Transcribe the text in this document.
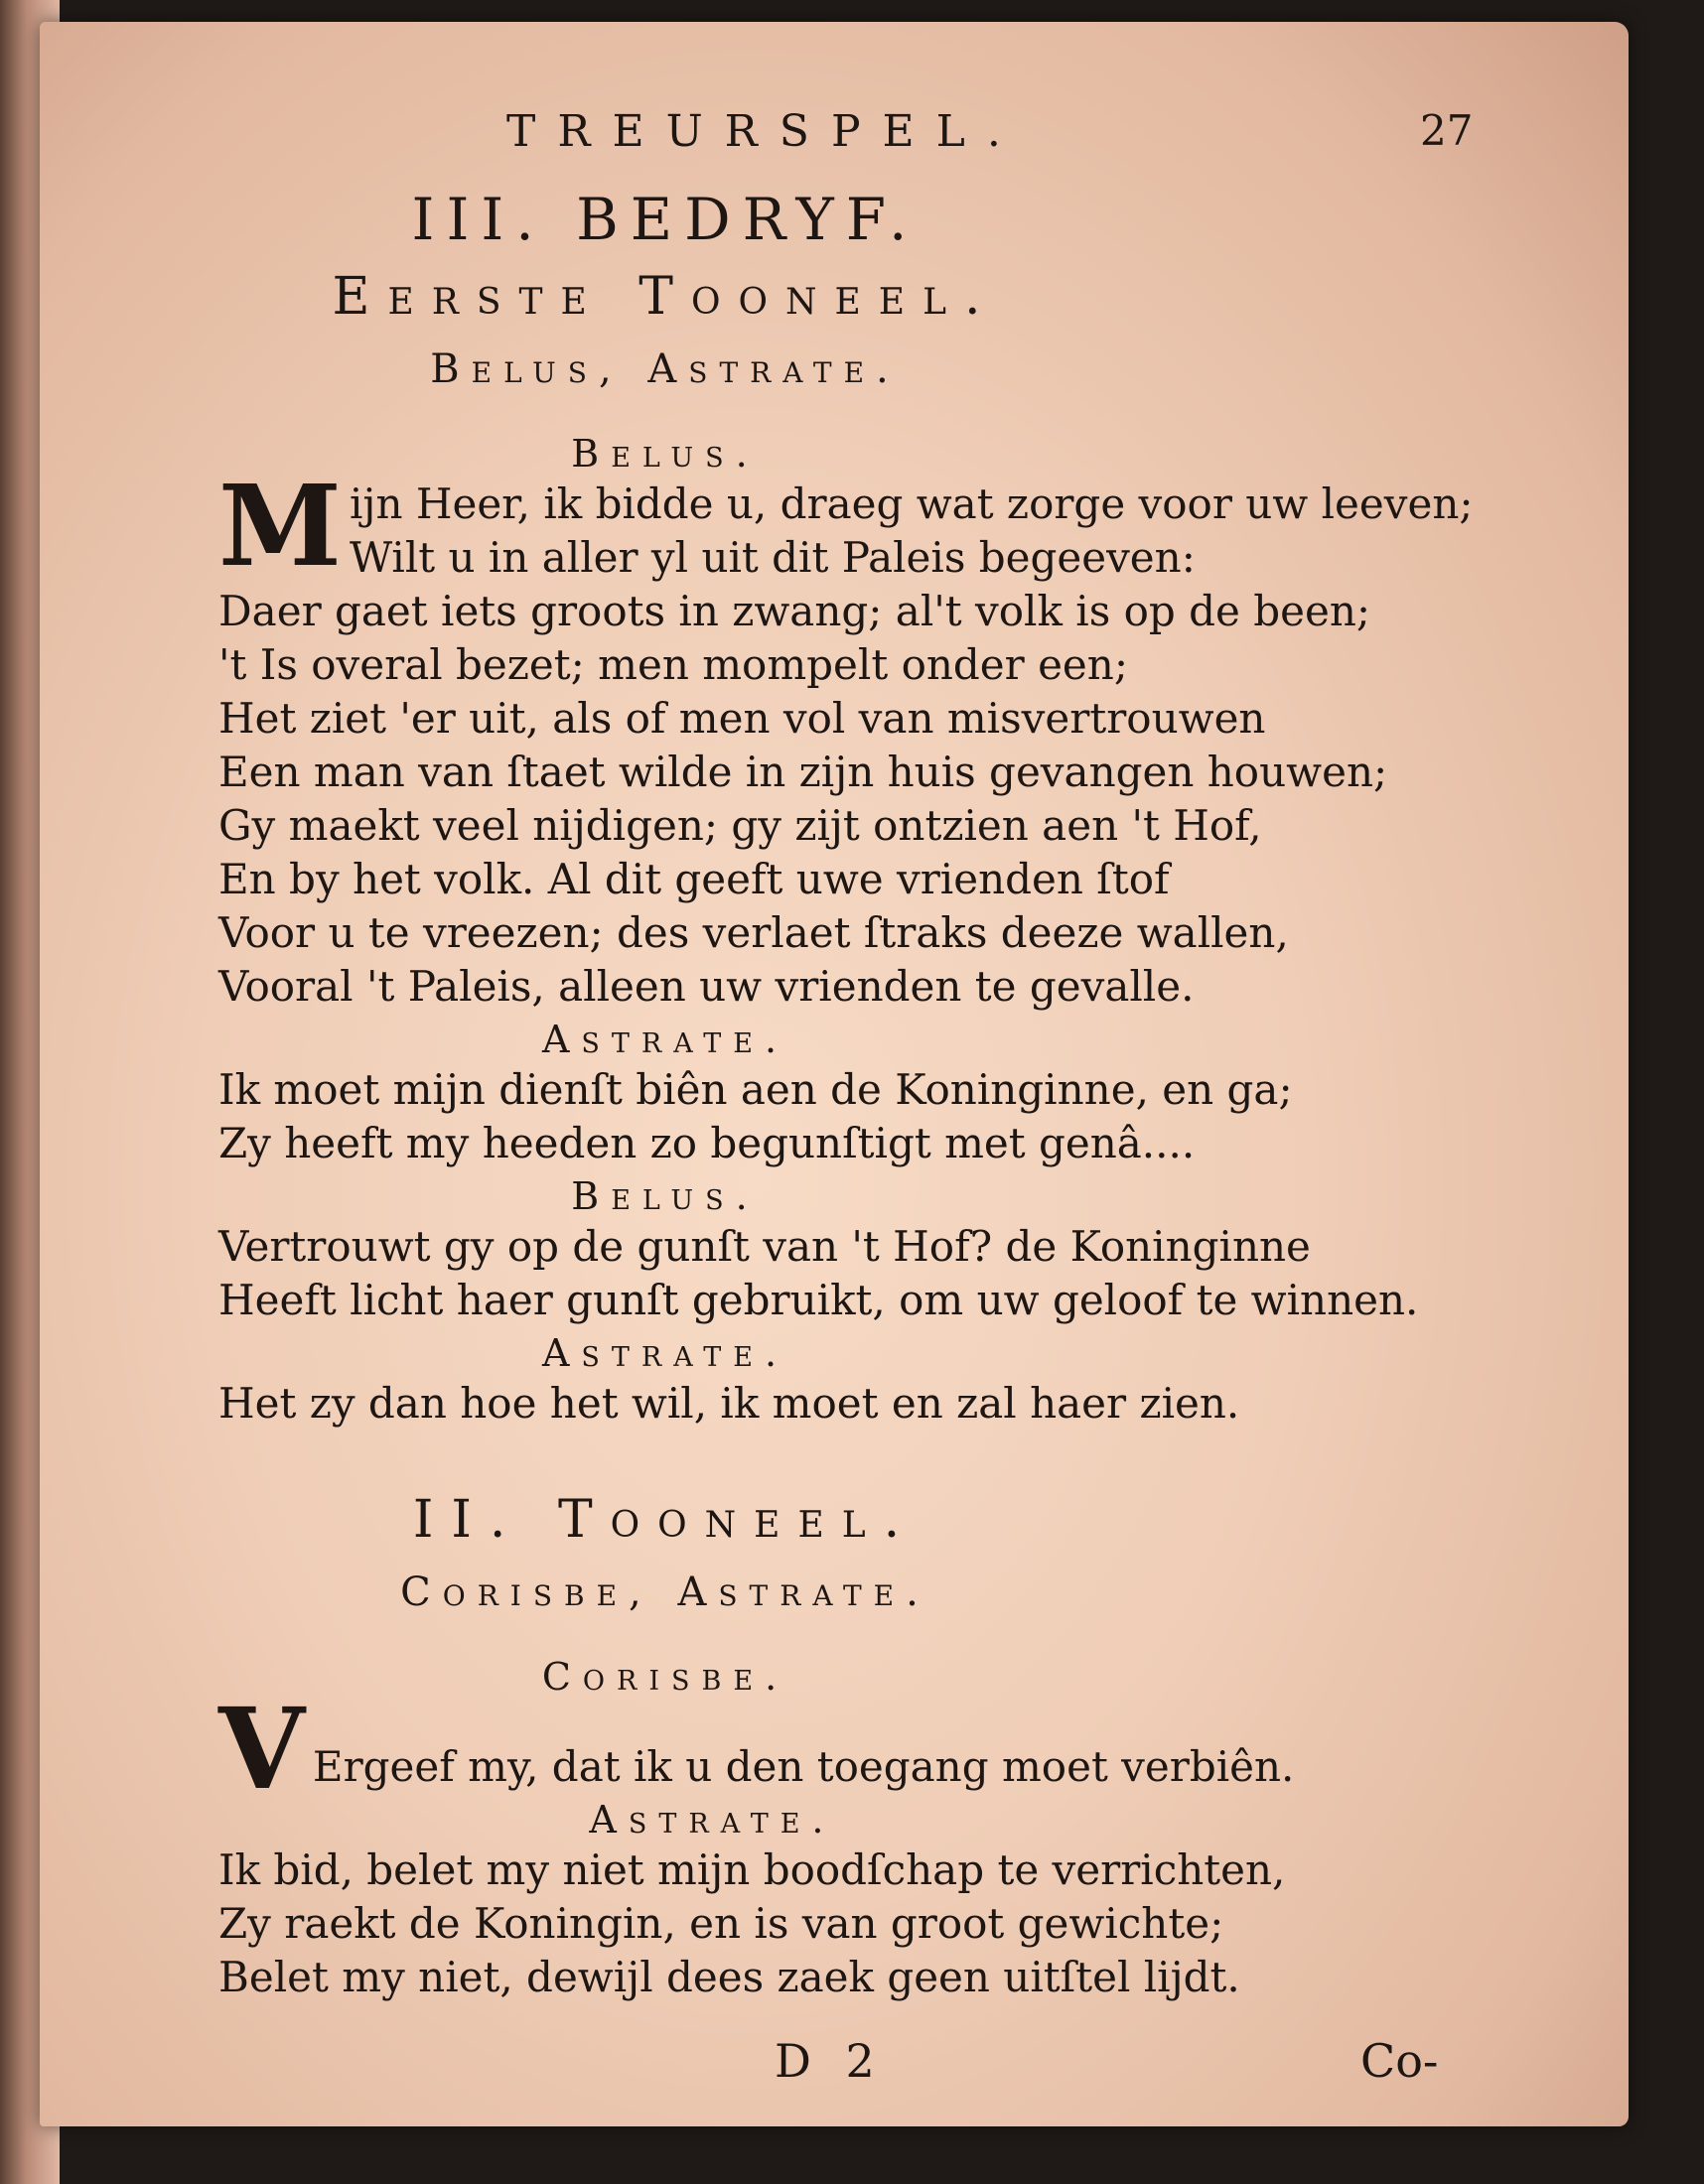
TREURSPEL.	27
III. BEDRYF.
Eerste Tooneel.
Belus, Astrate.
Belus.
M ijn Heer, ik bidde u, draeg wat zorge voor uw leeven;
Wilt u in aller yl uit dit Paleis begeeven:
Daer gaet iets groots in zwang; al't volk is op de been;
't Is overal bezet; men mompelt onder een;
Het ziet 'er uit, als of men vol van misvertrouwen
Een man van ſtaet wilde in zijn huis gevangen houwen;
Gy maekt veel nijdigen; gy zijt ontzien aen 't Hof,
En by het volk. Al dit geeft uwe vrienden ſtof
Voor u te vreezen; des verlaet ſtraks deeze wallen,
Vooral 't Paleis, alleen uw vrienden te gevalle.
Astrate.
Ik moet mijn dienſt biên aen de Koninginne, en ga;
Zy heeft my heeden zo begunſtigt met genâ....
Belus.
Vertrouwt gy op de gunſt van 't Hof? de Koninginne
Heeft licht haer gunſt gebruikt, om uw geloof te winnen.
Astrate.
Het zy dan hoe het wil, ik moet en zal haer zien.
II. Tooneel.
Corisbe, Astrate.
Corisbe.
V Ergeef my, dat ik u den toegang moet verbiên.
Astrate.
Ik bid, belet my niet mijn boodſchap te verrichten,
Zy raekt de Koningin, en is van groot gewichte;
Belet my niet, dewijl dees zaek geen uitſtel lijdt.
D 2	Co-
